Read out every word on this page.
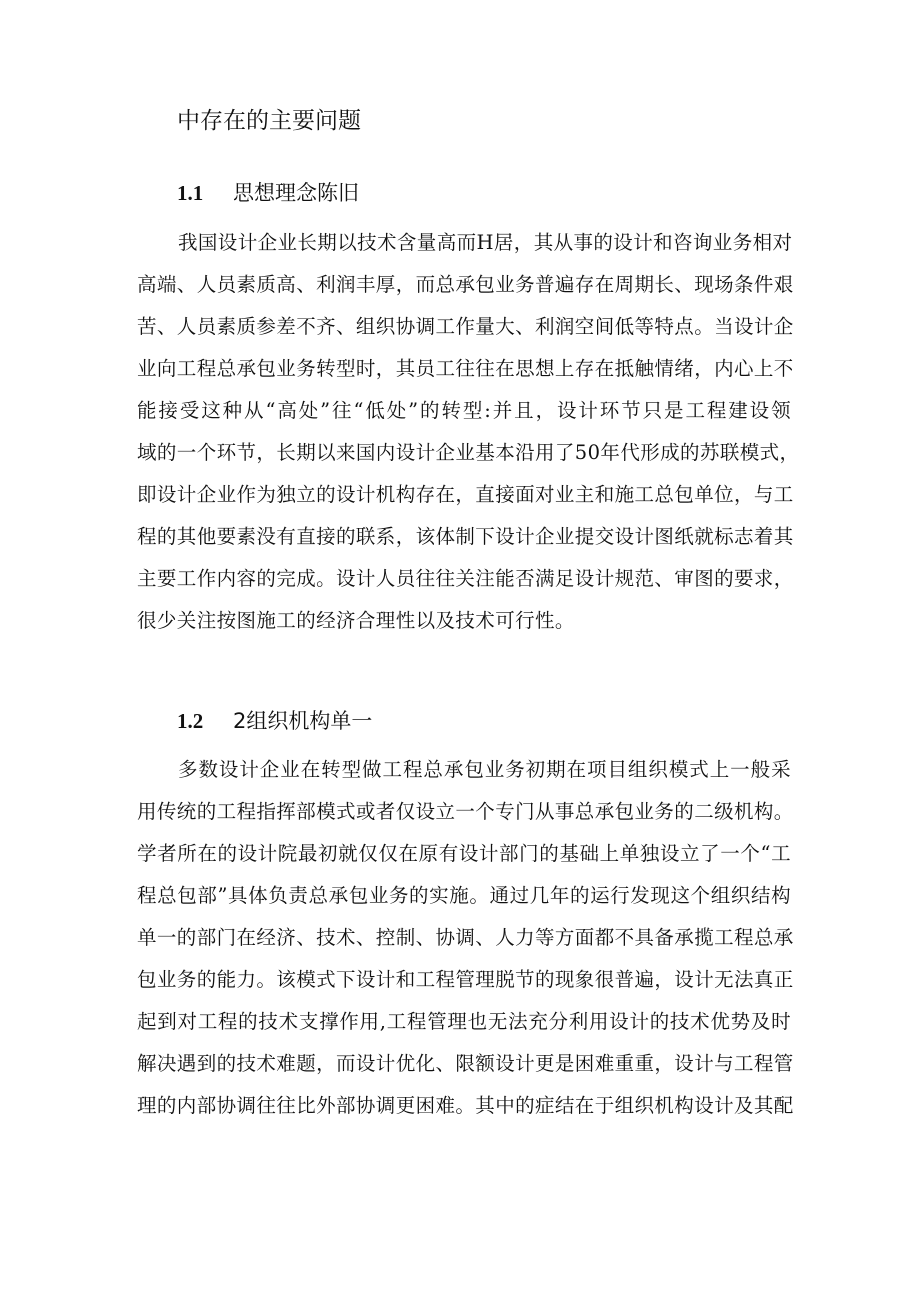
中存在的主要问题
1.1 思想理念陈旧
我国设计企业长期以技术含量高而H居，其从事的设计和咨询业务相对
高端、人员素质高、利润丰厚，而总承包业务普遍存在周期长、现场条件艰
苦、人员素质参差不齐、组织协调工作量大、利润空间低等特点。当设计企
业向工程总承包业务转型时，其员工往往在思想上存在抵触情绪，内心上不
能接受这种从“高处”往“低处”的转型:并且，设计环节只是工程建设领
域的一个环节，长期以来国内设计企业基本沿用了50年代形成的苏联模式，
即设计企业作为独立的设计机构存在，直接面对业主和施工总包单位，与工
程的其他要素没有直接的联系，该体制下设计企业提交设计图纸就标志着其
主要工作内容的完成。设计人员往往关注能否满足设计规范、审图的要求，
很少关注按图施工的经济合理性以及技术可行性。
1.2 2组织机构单一
多数设计企业在转型做工程总承包业务初期在项目组织模式上一般采
用传统的工程指挥部模式或者仅设立一个专门从事总承包业务的二级机构。
学者所在的设计院最初就仅仅在原有设计部门的基础上单独设立了一个“工
程总包部”具体负责总承包业务的实施。通过几年的运行发现这个组织结构
单一的部门在经济、技术、控制、协调、人力等方面都不具备承揽工程总承
包业务的能力。该模式下设计和工程管理脱节的现象很普遍，设计无法真正
起到对工程的技术支撑作用,工程管理也无法充分利用设计的技术优势及时
解决遇到的技术难题，而设计优化、限额设计更是困难重重，设计与工程管
理的内部协调往往比外部协调更困难。其中的症结在于组织机构设计及其配
